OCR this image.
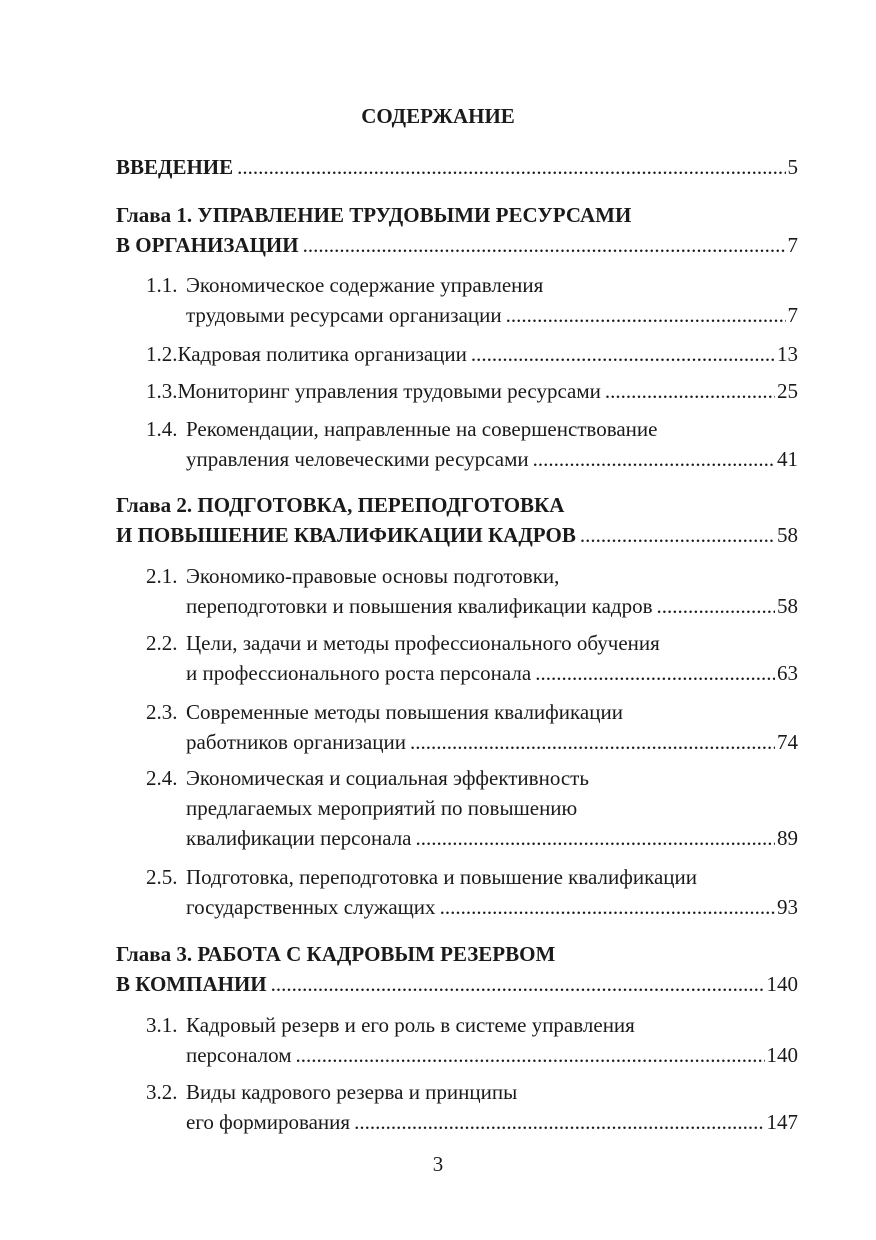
СОДЕРЖАНИЕ
ВВЕДЕНИЕ .....	5
Глава 1. УПРАВЛЕНИЕ ТРУДОВЫМИ РЕСУРСАМИ
В ОРГАНИЗАЦИИ .....	7
1.1. Экономическое содержание управления
трудовыми ресурсами организации .....	7
1.2. Кадровая политика организации .....	13
1.3. Мониторинг управления трудовыми ресурсами .....	25
1.4. Рекомендации, направленные на совершенствование
управления человеческими ресурсами .....	41
Глава 2. ПОДГОТОВКА, ПЕРЕПОДГОТОВКА
И ПОВЫШЕНИЕ КВАЛИФИКАЦИИ КАДРОВ .....	58
2.1. Экономико-правовые основы подготовки,
переподготовки и повышения квалификации кадров .....	58
2.2. Цели, задачи и методы профессионального обучения
и профессионального роста персонала .....	63
2.3. Современные методы повышения квалификации
работников организации .....	74
2.4. Экономическая и социальная эффективность
предлагаемых мероприятий по повышению
квалификации персонала .....	89
2.5. Подготовка, переподготовка и повышение квалификации
государственных служащих .....	93
Глава 3. РАБОТА С КАДРОВЫМ РЕЗЕРВОМ
В КОМПАНИИ .....	140
3.1. Кадровый резерв и его роль в системе управления
персоналом .....	140
3.2. Виды кадрового резерва и принципы
его формирования .....	147
3
